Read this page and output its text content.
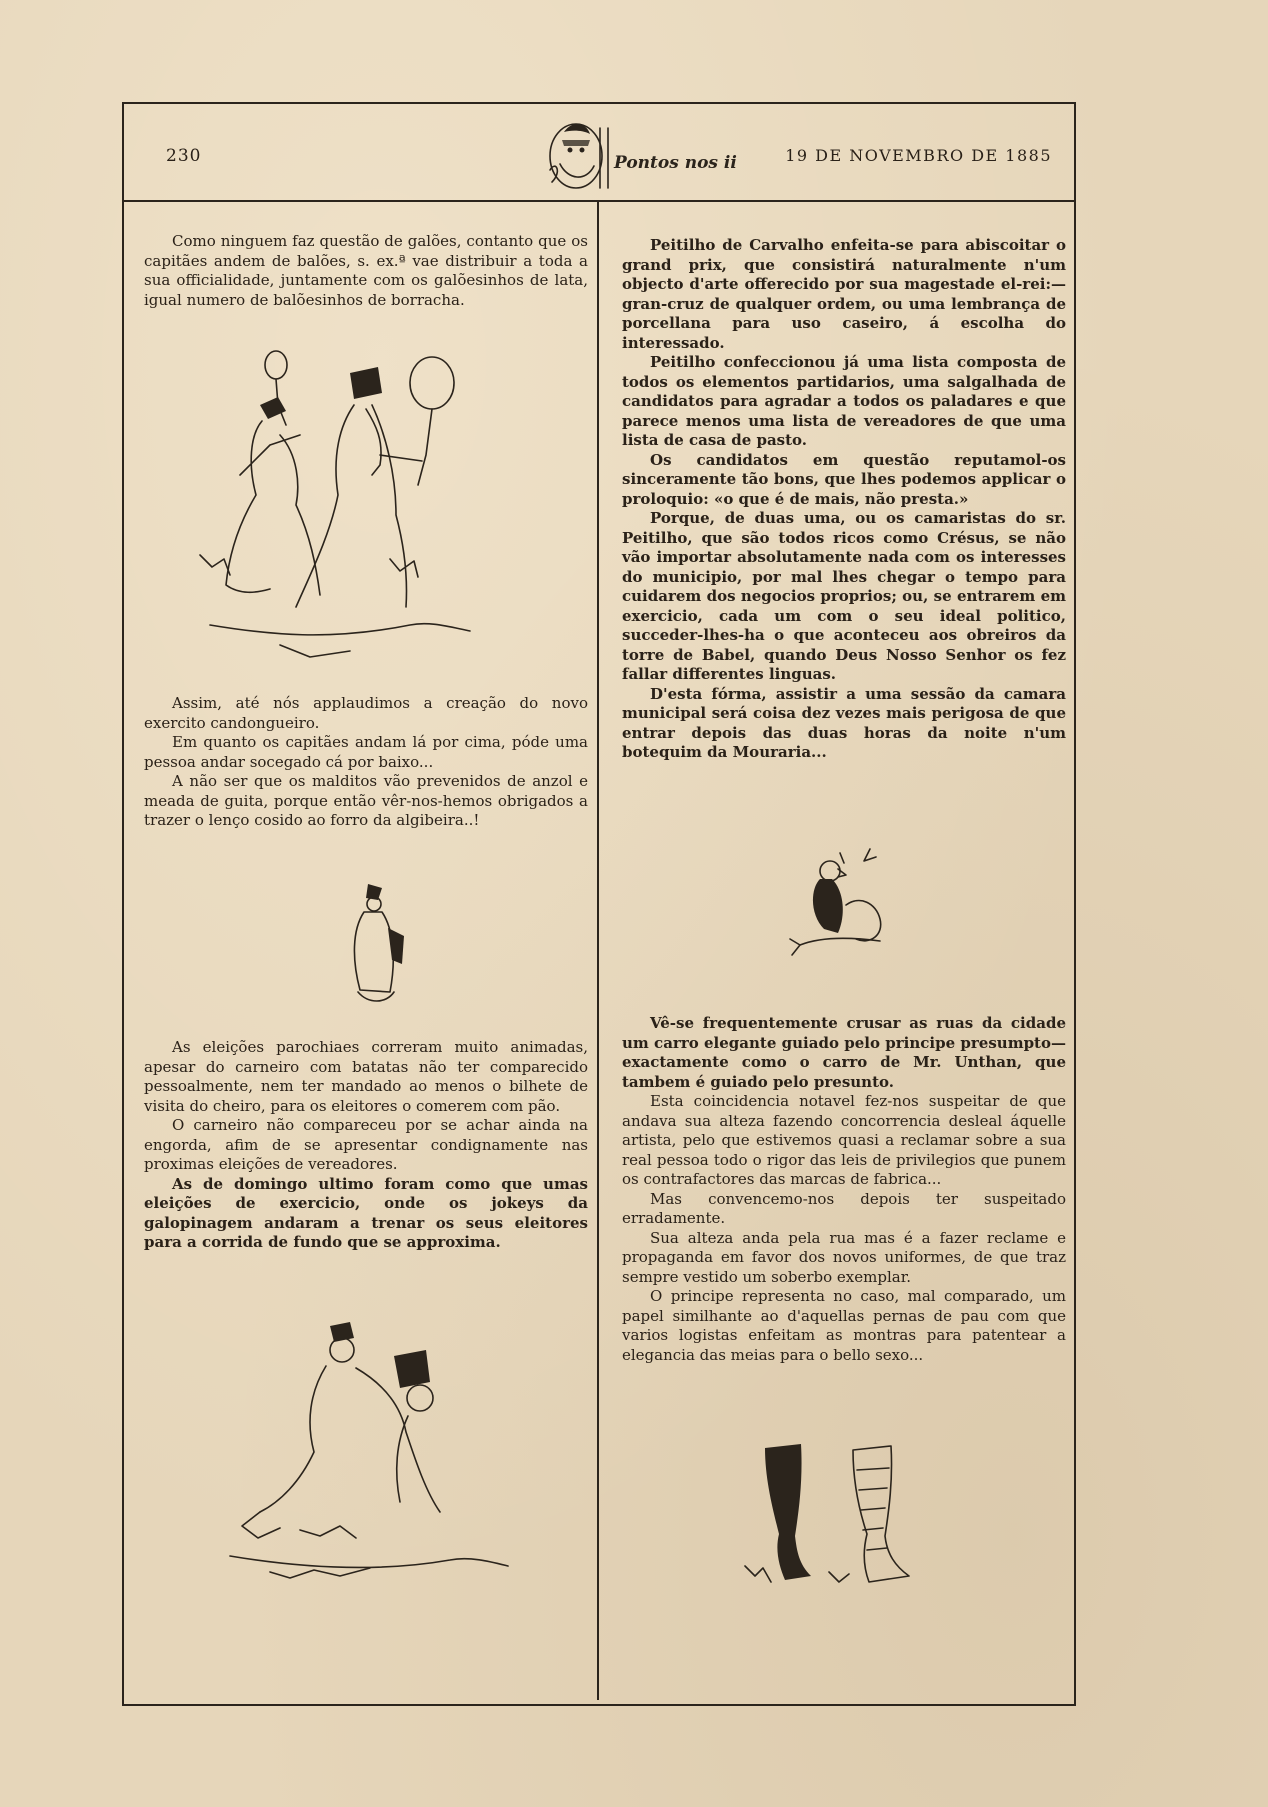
230	Pontos nos ii	19 DE NOVEMBRO DE 1885

Como ninguem faz questão de galões, contanto que os capitães andem de balões, s. ex.ª vae distribuir a toda a sua officialidade, juntamente com os galõesinhos de lata, igual numero de balõesinhos de borracha.

Assim, até nós applaudimos a creação do novo exercito candongueiro.

Em quanto os capitães andam lá por cima, póde uma pessoa andar socegado cá por baixo...

A não ser que os malditos vão prevenidos de anzol e meada de guita, porque então vêr-nos-hemos obrigados a trazer o lenço cosido ao forro da algibeira..!

As eleições parochiaes correram muito animadas, apesar do carneiro com batatas não ter comparecido pessoalmente, nem ter mandado ao menos o bilhete de visita do cheiro, para os eleitores o comerem com pão.

O carneiro não compareceu por se achar ainda na engorda, afim de se apresentar condignamente nas proximas eleições de vereadores.

As de domingo ultimo foram como que umas eleições de exercicio, onde os jokeys da galopinagem andaram a trenar os seus eleitores para a corrida de fundo que se approxima.

Peitilho de Carvalho enfeita-se para abiscoitar o grand prix, que consistirá naturalmente n'um objecto d'arte offerecido por sua magestade el-rei:—gran-cruz de qualquer ordem, ou uma lembrança de porcellana para uso caseiro, á escolha do interessado.

Peitilho confeccionou já uma lista composta de todos os elementos partidarios, uma salgalhada de candidatos para agradar a todos os paladares e que parece menos uma lista de vereadores de que uma lista de casa de pasto.

Os candidatos em questão reputamol-os sinceramente tão bons, que lhes podemos applicar o proloquio: «o que é de mais, não presta.»

Porque, de duas uma, ou os camaristas do sr. Peitilho, que são todos ricos como Crésus, se não vão importar absolutamente nada com os interesses do municipio, por mal lhes chegar o tempo para cuidarem dos negocios proprios; ou, se entrarem em exercicio, cada um com o seu ideal politico, succeder-lhes-ha o que aconteceu aos obreiros da torre de Babel, quando Deus Nosso Senhor os fez fallar differentes linguas.

D'esta fórma, assistir a uma sessão da camara municipal será coisa dez vezes mais perigosa de que entrar depois das duas horas da noite n'um botequim da Mouraria...

Vê-se frequentemente crusar as ruas da cidade um carro elegante guiado pelo principe presumpto—exactamente como o carro de Mr. Unthan, que tambem é guiado pelo presunto.

Esta coincidencia notavel fez-nos suspeitar de que andava sua alteza fazendo concorrencia desleal áquelle artista, pelo que estivemos quasi a reclamar sobre a sua real pessoa todo o rigor das leis de privilegios que punem os contrafactores das marcas de fabrica...

Mas convencemo-nos depois ter suspeitado erradamente.

Sua alteza anda pela rua mas é a fazer reclame e propaganda em favor dos novos uniformes, de que traz sempre vestido um soberbo exemplar.

O principe representa no caso, mal comparado, um papel similhante ao d'aquellas pernas de pau com que varios logistas enfeitam as montras para patentear a elegancia das meias para o bello sexo...
